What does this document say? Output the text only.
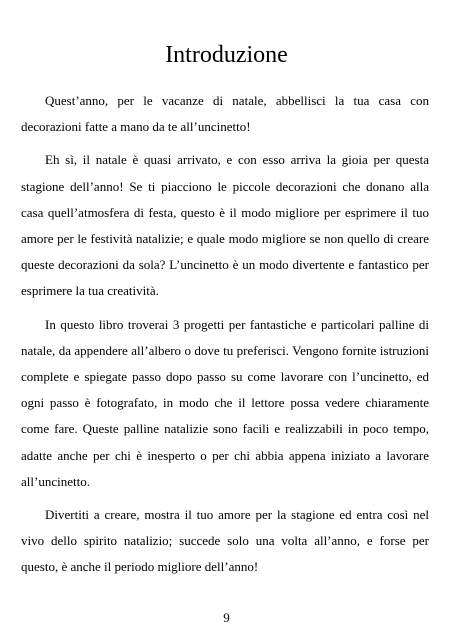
Introduzione

Quest’anno, per le vacanze di natale, abbellisci la tua casa con decorazioni fatte a mano da te all’uncinetto!

Eh sì, il natale è quasi arrivato, e con esso arriva la gioia per questa stagione dell’anno! Se ti piacciono le piccole decorazioni che donano alla casa quell’atmosfera di festa, questo è il modo migliore per esprimere il tuo amore per le festività natalizie; e quale modo migliore se non quello di creare queste decorazioni da sola? L’uncinetto è un modo divertente e fantastico per esprimere la tua creatività.

In questo libro troverai 3 progetti per fantastiche e particolari palline di natale, da appendere all’albero o dove tu preferisci. Vengono fornite istruzioni complete e spiegate passo dopo passo su come lavorare con l’uncinetto, ed ogni passo è fotografato, in modo che il lettore possa vedere chiaramente come fare. Queste palline natalizie sono facili e realizzabili in poco tempo, adatte anche per chi è inesperto o per chi abbia appena iniziato a lavorare all’uncinetto.

Divertiti a creare, mostra il tuo amore per la stagione ed entra così nel vivo dello spirito natalizio; succede solo una volta all’anno, e forse per questo, è anche il periodo migliore dell’anno!

9
